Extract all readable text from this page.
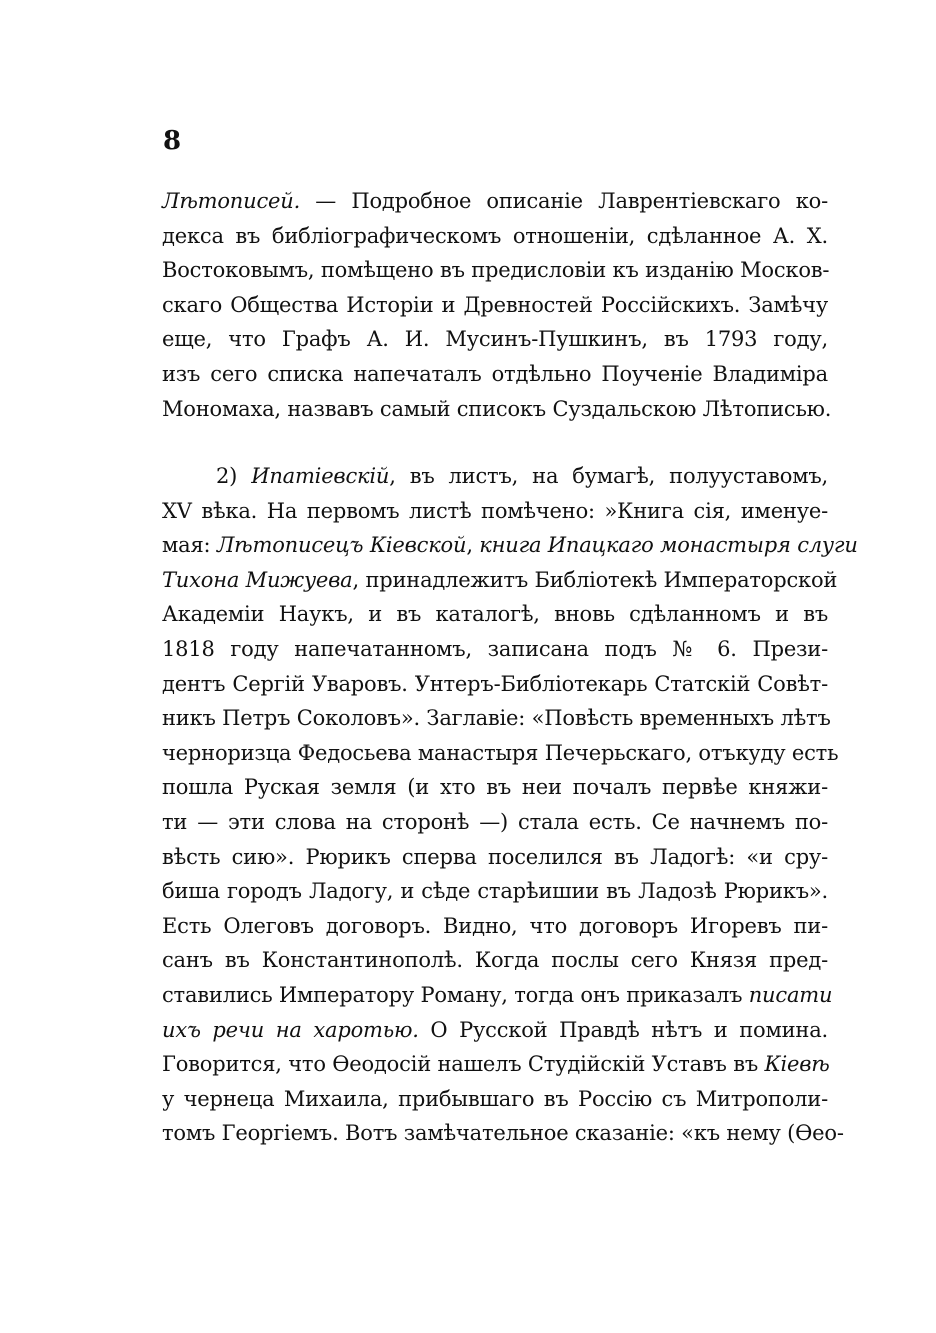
8
Лѣтописей. — Подробное описаніе Лаврентіевскаго ко-
декса въ библіографическомъ отношеніи, сдѣланное А. Х.
Востоковымъ, помѣщено въ предисловіи къ изданію Москов-
скаго Общества Исторіи и Древностей Россійскихъ. Замѣчу
еще, что Графъ А. И. Мусинъ-Пушкинъ, въ 1793 году,
изъ сего списка напечаталъ отдѣльно Поученіе Владиміра
Мономаха, назвавъ самый списокъ Суздальскою Лѣтописью.
2) Ипатіевскій, въ листъ, на бумагѣ, полууставомъ,
XV вѣка. На первомъ листѣ помѣчено: »Книга сія, именуе-
мая: Лѣтописецъ Кіевской, книга Ипацкаго монастыря слуги
Тихона Мижуева, принадлежитъ Библіотекѣ Императорской
Академіи Наукъ, и въ каталогѣ, вновь сдѣланномъ и въ
1818 году напечатанномъ, записана подъ № 6. Прези-
дентъ Сергій Уваровъ. Унтеръ-Библіотекарь Статскій Совѣт-
никъ Петръ Соколовъ». Заглавіе: «Повѣсть временныхъ лѣтъ
черноризца Федосьева манастыря Печерьскаго, отъкуду есть
пошла Руская земля (и хто въ неи почалъ первѣе княжи-
ти — эти слова на сторонѣ —) стала есть. Се начнемъ по-
вѣсть сию». Рюрикъ сперва поселился въ Ладогѣ: «и сру-
биша городъ Ладогу, и сѣде старѣишии въ Ладозѣ Рюрикъ».
Есть Олеговъ договоръ. Видно, что договоръ Игоревъ пи-
санъ въ Константинополѣ. Когда послы сего Князя пред-
ставились Императору Роману, тогда онъ приказалъ писати
ихъ речи на харотью. О Русской Правдѣ нѣтъ и помина.
Говорится, что Ѳеодосій нашелъ Студійскій Уставъ въ Кіевѣ
у чернеца Михаила, прибывшаго въ Россію съ Митрополи-
томъ Георгіемъ. Вотъ замѣчательное сказаніе: «къ нему (Ѳео-
